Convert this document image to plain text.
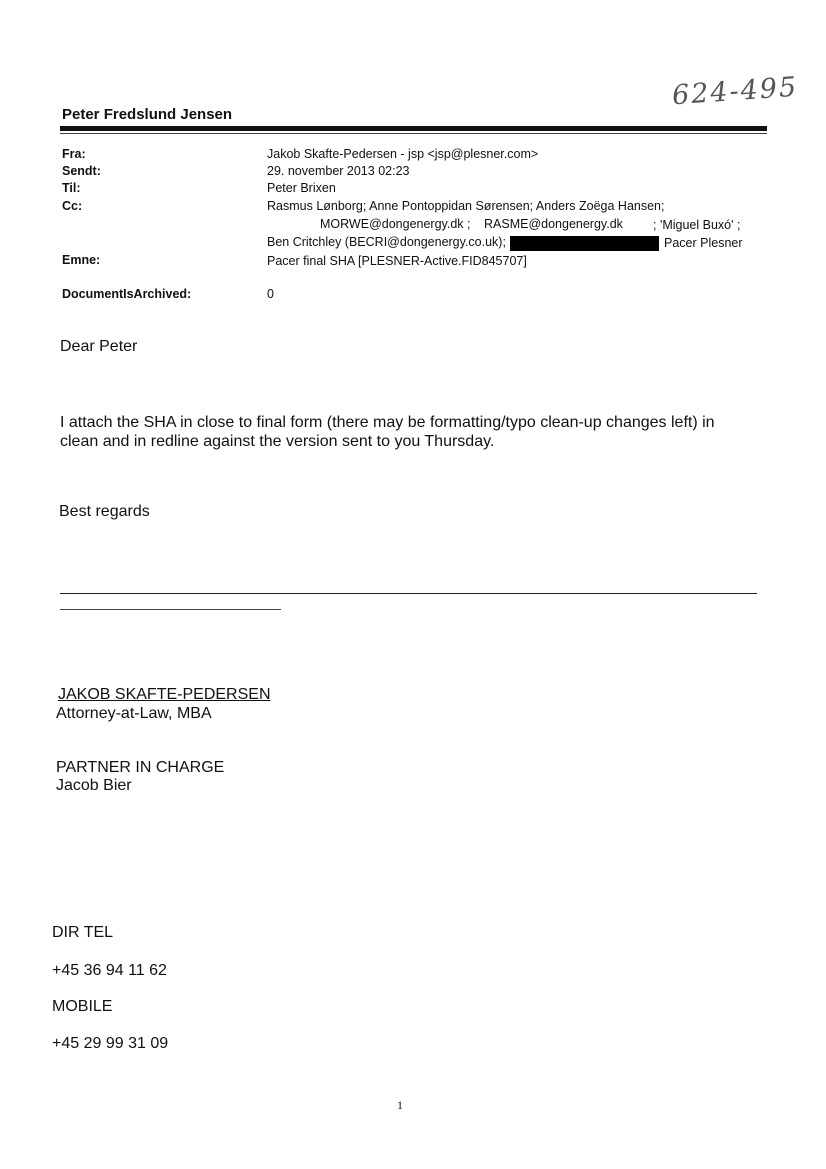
624-495
Peter Fredslund Jensen
Fra:	Jakob Skafte-Pedersen - jsp <jsp@plesner.com>
Sendt:	29. november 2013 02:23
Til:	Peter Brixen
Cc:	Rasmus Lønborg; Anne Pontoppidan Sørensen; Anders Zoëga Hansen;
MORWE@dongenergy.dk ; RASME@dongenergy.dk ; 'Miguel Buxó' ;
Ben Critchley (BECRI@dongenergy.co.uk);	Pacer Plesner
Emne:	Pacer final SHA [PLESNER-Active.FID845707]
DocumentIsArchived:	0
Dear Peter
I attach the SHA in close to final form (there may be formatting/typo clean-up changes left) in
clean and in redline against the version sent to you Thursday.
Best regards
JAKOB SKAFTE-PEDERSEN
Attorney-at-Law, MBA
PARTNER IN CHARGE
Jacob Bier
DIR TEL
+45 36 94 11 62
MOBILE
+45 29 99 31 09
1
